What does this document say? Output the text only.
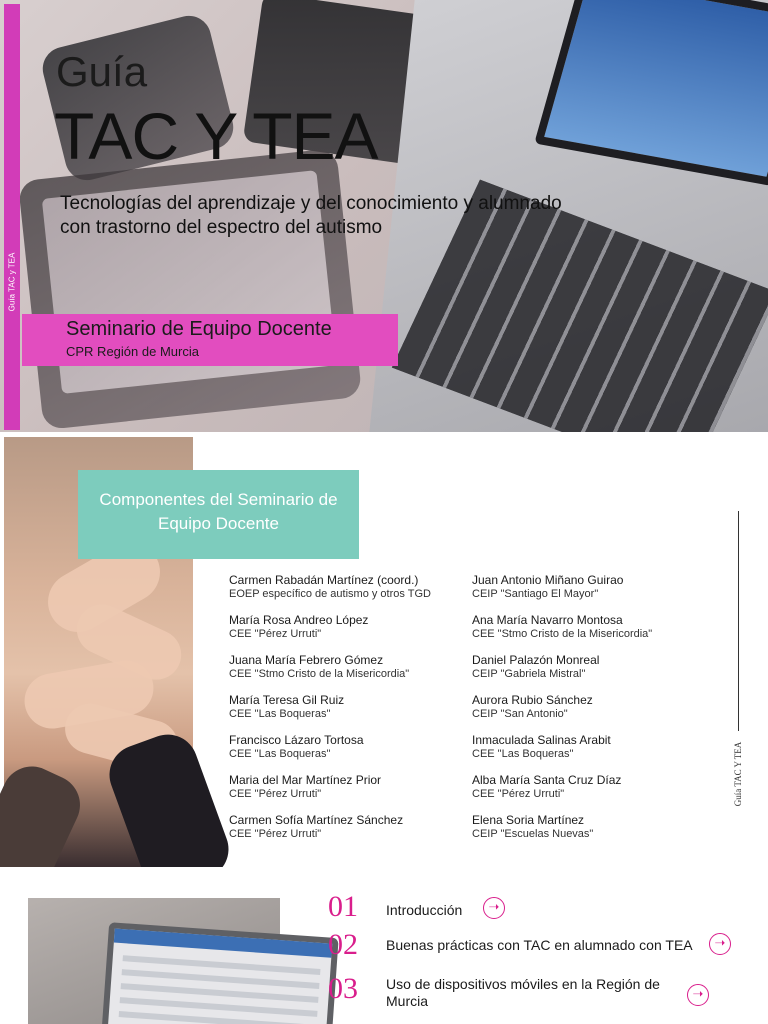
Guía TAC y TEA
Guía
TAC Y TEA
Tecnologías del aprendizaje y del conocimiento y alumnado con trastorno del espectro del autismo
Seminario de Equipo Docente
CPR Región de Murcia
Componentes del Seminario de Equipo Docente
Carmen Rabadán Martínez (coord.)
EOEP específico de autismo y otros TGD
María Rosa Andreo López
CEE "Pérez Urruti"
Juana María Febrero Gómez
CEE "Stmo Cristo de la Misericordia"
María Teresa Gil Ruiz
CEE "Las Boqueras"
Francisco Lázaro Tortosa
CEE "Las Boqueras"
Maria del Mar Martínez Prior
CEE "Pérez Urruti"
Carmen Sofía Martínez Sánchez
CEE "Pérez Urruti"
Juan Antonio Miñano Guirao
CEIP "Santiago El Mayor"
Ana María Navarro Montosa
CEE "Stmo Cristo de la Misericordia"
Daniel Palazón Monreal
CEIP "Gabriela Mistral"
Aurora Rubio Sánchez
CEIP "San Antonio"
Inmaculada Salinas Arabit
CEE "Las Boqueras"
Alba María Santa Cruz Díaz
CEE "Pérez Urruti"
Elena Soria Martínez
CEIP "Escuelas Nuevas"
Guía TAC Y TEA
01 Introducción	➝
02 Buenas prácticas con TAC en alumnado con TEA	➝
03 Uso de dispositivos móviles en la Región de Murcia	➝
